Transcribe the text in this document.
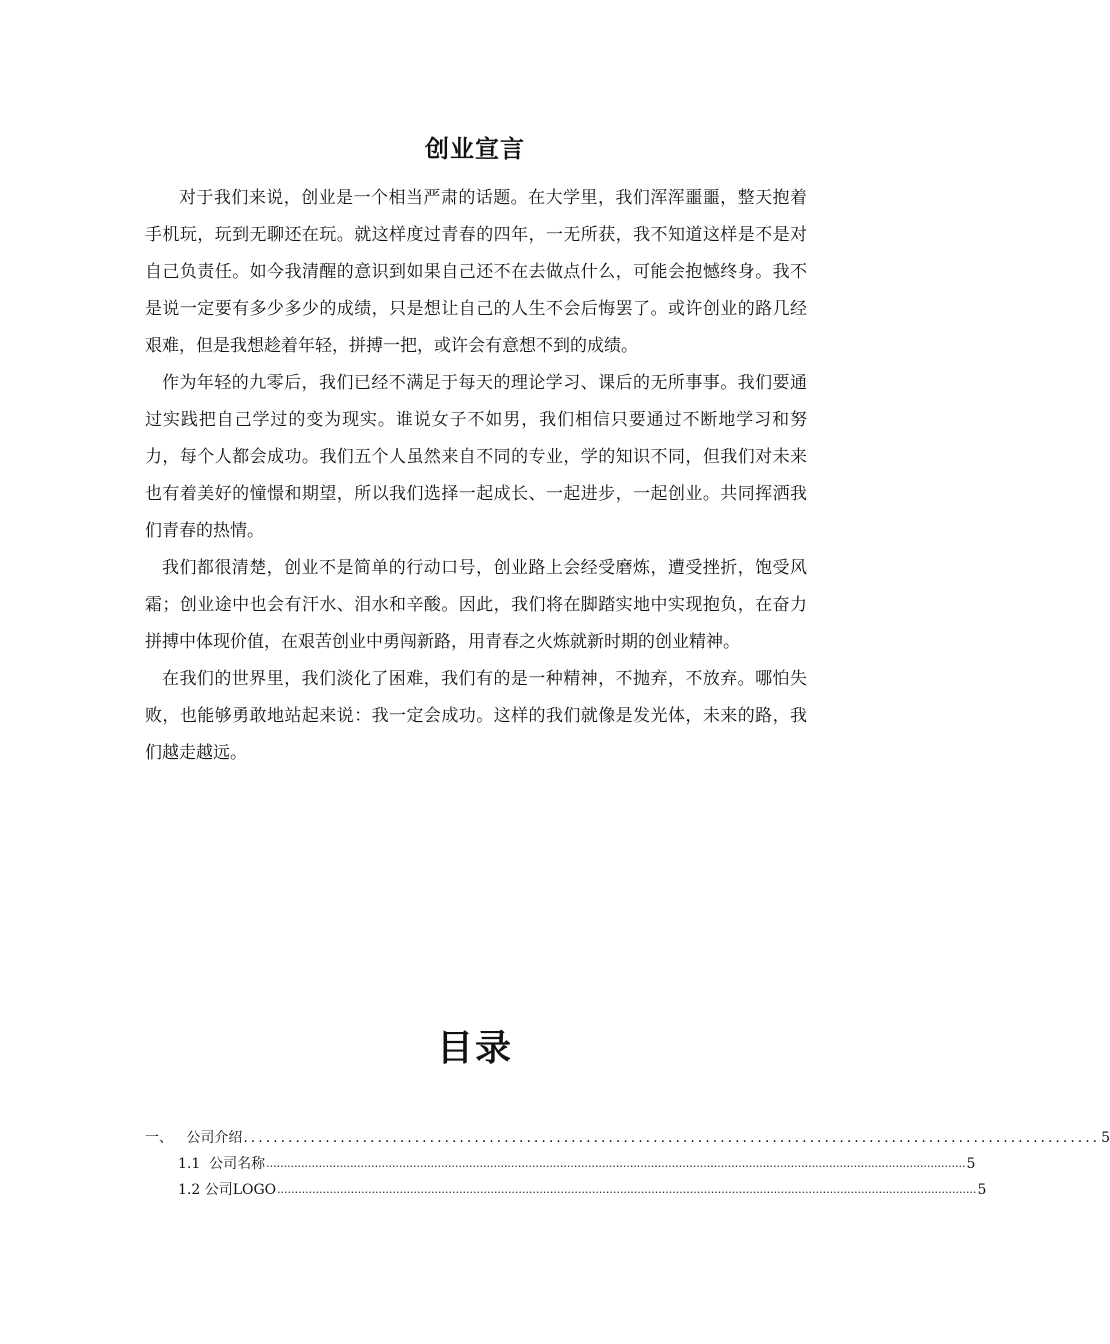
创业宣言

对于我们来说，创业是一个相当严肃的话题。在大学里，我们浑浑噩噩，整天抱着手机玩，玩到无聊还在玩。就这样度过青春的四年，一无所获，我不知道这样是不是对自己负责任。如今我清醒的意识到如果自己还不在去做点什么，可能会抱憾终身。我不是说一定要有多少多少的成绩，只是想让自己的人生不会后悔罢了。或许创业的路几经艰难，但是我想趁着年轻，拼搏一把，或许会有意想不到的成绩。

作为年轻的九零后，我们已经不满足于每天的理论学习、课后的无所事事。我们要通过实践把自己学过的变为现实。谁说女子不如男，我们相信只要通过不断地学习和努力，每个人都会成功。我们五个人虽然来自不同的专业，学的知识不同，但我们对未来也有着美好的憧憬和期望，所以我们选择一起成长、一起进步，一起创业。共同挥洒我们青春的热情。

我们都很清楚，创业不是简单的行动口号，创业路上会经受磨炼，遭受挫折，饱受风霜；创业途中也会有汗水、泪水和辛酸。因此，我们将在脚踏实地中实现抱负，在奋力拼搏中体现价值，在艰苦创业中勇闯新路，用青春之火炼就新时期的创业精神。

在我们的世界里，我们淡化了困难，我们有的是一种精神，不抛弃，不放弃。哪怕失败，也能够勇敢地站起来说：我一定会成功。这样的我们就像是发光体，未来的路，我们越走越远。

目录
一、 公司介绍 ................................................................................................................... 5
1.1 公司名称 ........................................................................................................................................................................................................ 5
1.2 公司LOGO ........................................................................................................................................................................................................ 5
